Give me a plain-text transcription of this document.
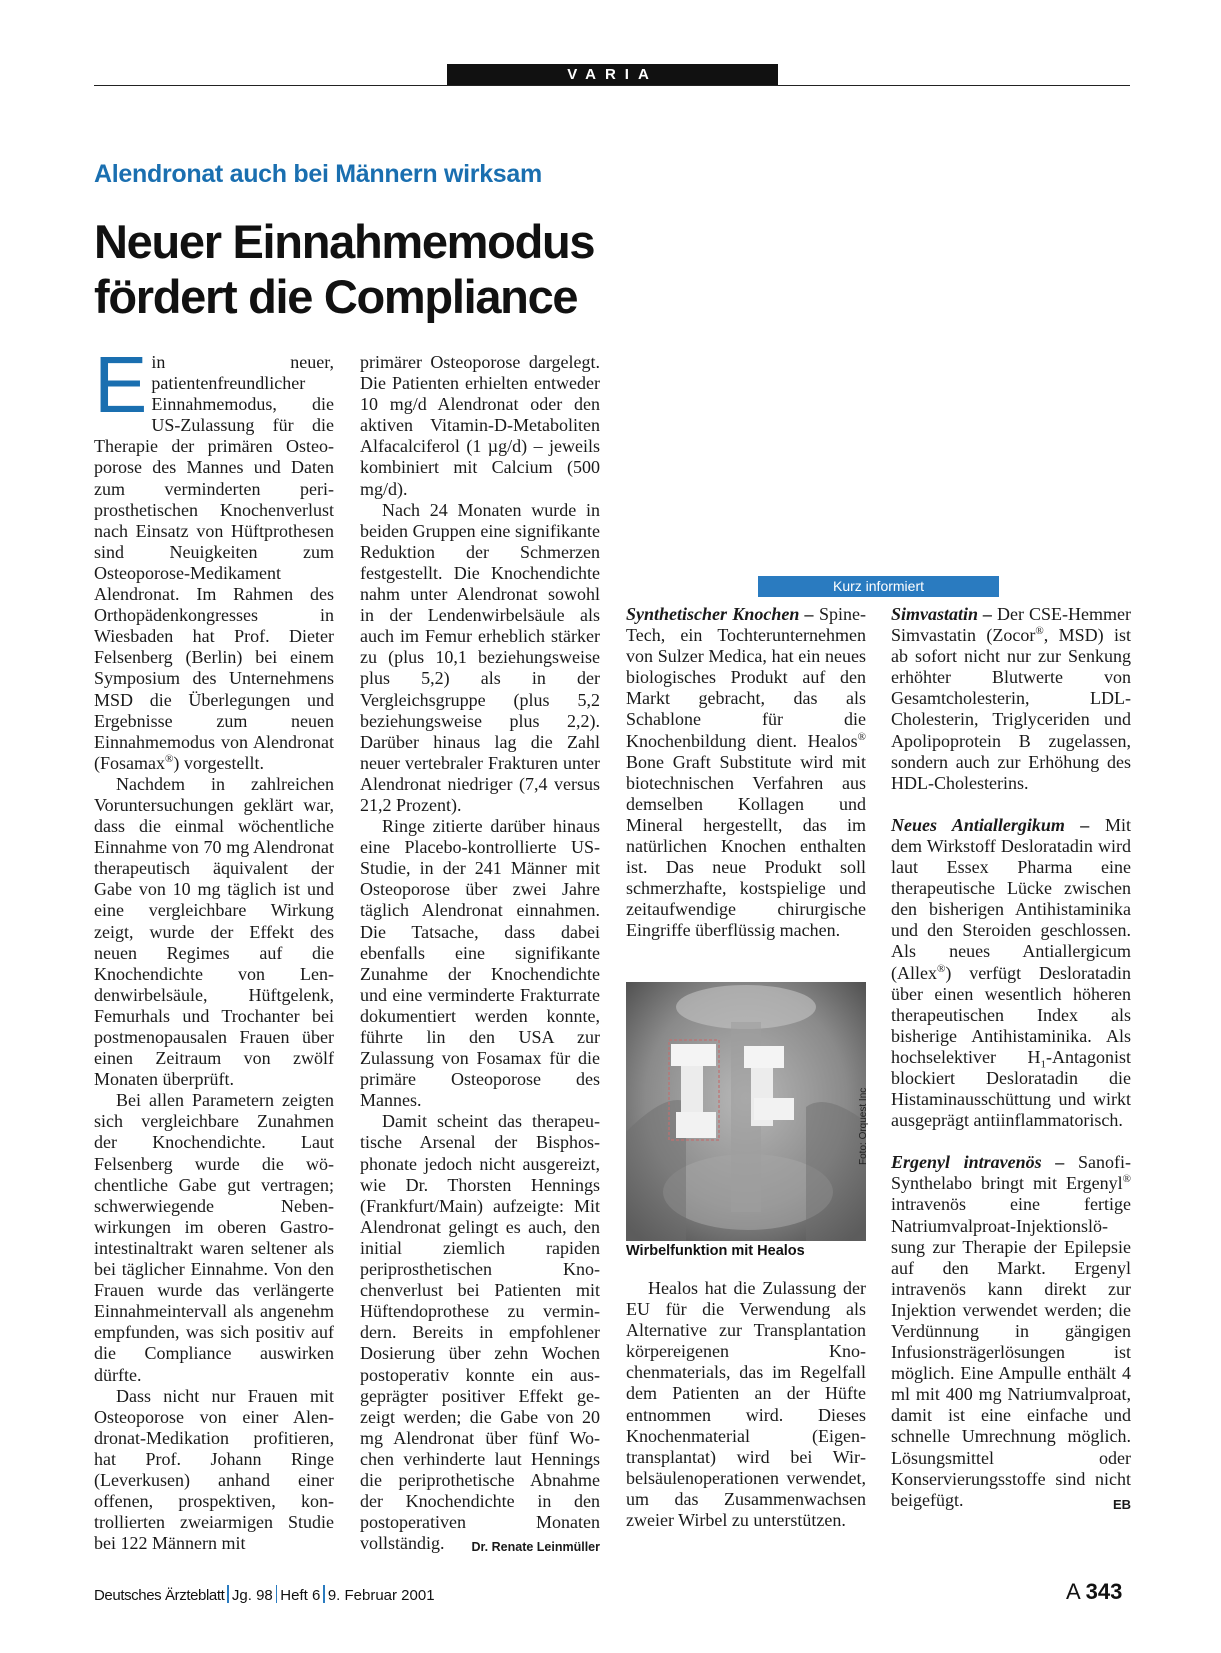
VARIA
Alendronat auch bei Männern wirksam
Neuer Einnahmemodus
fördert die Compliance

Ein neuer, patientenfreundlicher Einnahmemodus, die US-Zulassung für die Therapie der primären Osteoporose des Mannes und Daten zum verminderten periprosthetischen Knochenverlust nach Einsatz von Hüftprothesen sind Neuigkeiten zum Osteoporose-Medikament Alendronat. Im Rahmen des Orthopädenkongresses in Wiesbaden hat Prof. Dieter Felsenberg (Berlin) bei einem Symposium des Unternehmens MSD die Überlegungen und Ergebnisse zum neuen Einnahmemodus von Alendronat (Fosamax®) vorgestellt.

Nachdem in zahlreichen Voruntersuchungen geklärt war, dass die einmal wöchentliche Einnahme von 70 mg Alendronat therapeutisch äquivalent der Gabe von 10 mg täglich ist und eine vergleichbare Wirkung zeigt, wurde der Effekt des neuen Regimes auf die Knochendichte von Lendenwirbelsäule, Hüftgelenk, Femurhals und Trochanter bei postmenopausalen Frauen über einen Zeitraum von zwölf Monaten überprüft.

Bei allen Parametern zeigten sich vergleichbare Zunahmen der Knochendichte. Laut Felsenberg wurde die wöchentliche Gabe gut vertragen; schwerwiegende Nebenwirkungen im oberen Gastrointestinaltrakt waren seltener als bei täglicher Einnahme. Von den Frauen wurde das verlängerte Einnahmeintervall als angenehm empfunden, was sich positiv auf die Compliance auswirken dürfte.

Dass nicht nur Frauen mit Osteoporose von einer Alendronat-Medikation profitieren, hat Prof. Johann Ringe (Leverkusen) anhand einer offenen, prospektiven, kontrollierten zweiarmigen Studie bei 122 Männern mit

primärer Osteoporose dargelegt. Die Patienten erhielten entweder 10 mg/d Alendronat oder den aktiven Vitamin-D-Metaboliten Alfacalciferol (1 µg/d) – jeweils kombiniert mit Calcium (500 mg/d).

Nach 24 Monaten wurde in beiden Gruppen eine signifikante Reduktion der Schmerzen festgestellt. Die Knochendichte nahm unter Alendronat sowohl in der Lendenwirbelsäule als auch im Femur erheblich stärker zu (plus 10,1 beziehungsweise plus 5,2) als in der Vergleichsgruppe (plus 5,2 beziehungsweise plus 2,2). Darüber hinaus lag die Zahl neuer vertebraler Frakturen unter Alendronat niedriger (7,4 versus 21,2 Prozent).

Ringe zitierte darüber hinaus eine Placebo-kontrollierte US-Studie, in der 241 Männer mit Osteoporose über zwei Jahre täglich Alendronat einnahmen. Die Tatsache, dass dabei ebenfalls eine signifikante Zunahme der Knochendichte und eine verminderte Frakturrate dokumentiert werden konnte, führte lin den USA zur Zulassung von Fosamax für die primäre Osteoporose des Mannes.

Damit scheint das therapeutische Arsenal der Bisphosphonate jedoch nicht ausgereizt, wie Dr. Thorsten Hennings (Frankfurt/Main) aufzeigte: Mit Alendronat gelingt es auch, den initial ziemlich rapiden periprosthetischen Knochenverlust bei Patienten mit Hüftendoprothese zu vermindern. Bereits in empfohlener Dosierung über zehn Wochen postoperativ konnte ein ausgeprägter positiver Effekt gezeigt werden; die Gabe von 20 mg Alendronat über fünf Wochen verhinderte laut Hennings die periprothetische Abnahme der Knochendichte in den postoperativen Monaten vollständig.	Dr. Renate Leinmüller

Kurz informiert

Synthetischer Knochen – Spine-Tech, ein Tochterunternehmen von Sulzer Medica, hat ein neues biologisches Produkt auf den Markt gebracht, das als Schablone für die Knochenbildung dient. Healos® Bone Graft Substitute wird mit biotechnischen Verfahren aus demselben Kollagen und Mineral hergestellt, das im natürlichen Knochen enthalten ist. Das neue Produkt soll schmerzhafte, kostspielige und zeitaufwendige chirurgische Eingriffe überflüssig machen.

Foto: Orquest Inc
Wirbelfunktion mit Healos

Healos hat die Zulassung der EU für die Verwendung als Alternative zur Transplantation körpereigenen Knochenmaterials, das im Regelfall dem Patienten an der Hüfte entnommen wird. Dieses Knochenmaterial (Eigentransplantat) wird bei Wirbelsäulenoperationen verwendet, um das Zusammenwachsen zweier Wirbel zu unterstützen.

Simvastatin – Der CSE-Hemmer Simvastatin (Zocor®, MSD) ist ab sofort nicht nur zur Senkung erhöhter Blutwerte von Gesamtcholesterin, LDL-Cholesterin, Triglyceriden und Apolipoprotein B zugelassen, sondern auch zur Erhöhung des HDL-Cholesterins.

Neues Antiallergikum – Mit dem Wirkstoff Desloratadin wird laut Essex Pharma eine therapeutische Lücke zwischen den bisherigen Antihistaminika und den Steroiden geschlossen. Als neues Antiallergicum (Allex®) verfügt Desloratadin über einen wesentlich höheren therapeutischen Index als bisherige Antihistaminika. Als hochselektiver $H_1$-Antagonist blockiert Desloratadin die Histaminausschüttung und wirkt ausgeprägt antiinflammatorisch.

Ergenyl intravenös – Sanofi-Synthelabo bringt mit Ergenyl® intravenös eine fertige Natriumvalproat-Injektionslösung zur Therapie der Epilepsie auf den Markt. Ergenyl intravenös kann direkt zur Injektion verwendet werden; die Verdünnung in gängigen Infusionsträgerlösungen ist möglich. Eine Ampulle enthält 4 ml mit 400 mg Natriumvalproat, damit ist eine einfache und schnelle Umrechnung möglich. Lösungsmittel oder Konservierungsstoffe sind nicht beigefügt.	EB

Deutsches Ärzteblatt Jg. 98 Heft 6 9. Februar 2001	A 343
